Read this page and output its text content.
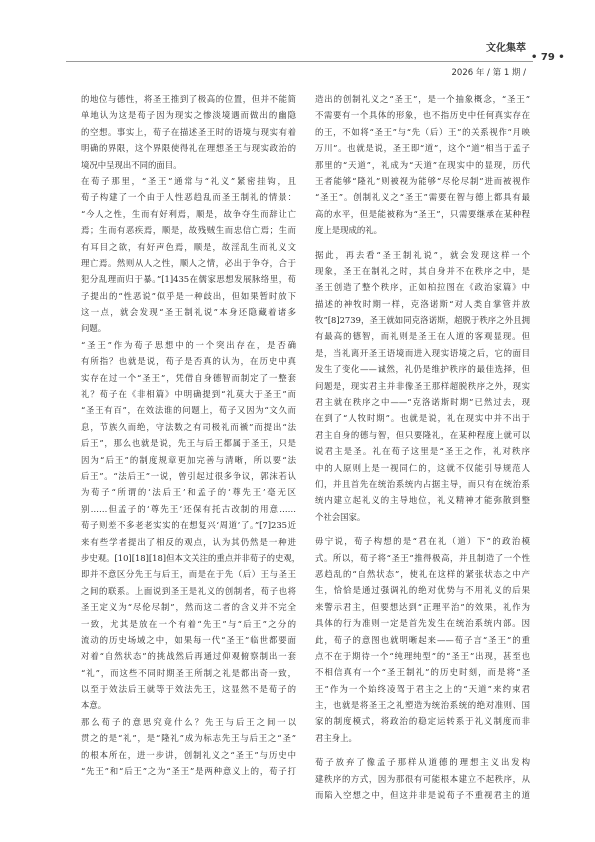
文化集萃
2026 年 / 第 1 期 /
• 79 •
的地位与德性，将圣王推到了极高的位置，但并不能简
单地认为这是荀子因为现实之惨淡境遇而做出的幽隐
的空想。事实上，荀子在描述圣王时的语境与现实有着
明确的界限，这个界限使得礼在理想圣王与现实政治的
境况中呈现出不同的面目。
在荀子那里，“圣王”通常与“礼义”紧密挂钩，且
荀子构建了一个由于人性恶趋乱而圣王制礼的情景：
“今人之性，生而有好利焉，顺是，故争夺生而辞让亡
焉；生而有恶疾焉，顺是，故残贼生而忠信亡焉；生而
有耳目之欲，有好声色焉，顺是，故淫乱生而礼义文
理亡焉。然则从人之性，顺人之情，必出于争夺，合于
犯分乱理而归于暴。”[1]435在儒家思想发展脉络里，荀
子提出的“性恶说”似乎是一种歧出，但如果暂时放下
这一点，就会发现“圣王制礼说”本身还隐藏着诸多
问题。
“圣王”作为荀子思想中的一个突出存在，是否确
有所指？也就是说，荀子是否真的认为，在历史中真
实存在过一个“圣王”，凭借自身德智而制定了一整套
礼？荀子在《非相篇》中明确提到“礼莫大于圣王”而
“圣王有百”，在效法谁的问题上，荀子又因为“文久而
息，节族久而绝，守法数之有司极礼而褫”而提出“法
后王”，那么也就是说，先王与后王都属于圣王，只是
因为“后王”的制度规章更加完善与清晰，所以要“法
后王”。“法后王”一说，曾引起过很多争议，郭沫若认
为荀子“所谓的‘法后王’和孟子的‘尊先王’毫无区
别……但孟子的‘尊先王’还保有托古改制的用意……
荀子则差不多老老实实的在想复兴‘周道’了。”[7]235近
来有些学者提出了相反的观点，认为其仍然是一种进
步史观。[10][18][18]但本文关注的重点并非荀子的史观，
即并不意区分先王与后王，而是在于先（后）王与圣王
之间的联系。上面说到圣王是礼义的创制者，荀子也将
圣王定义为“尽伦尽制”，然而这二者的含义并不完全
一致，尤其是放在一个有着“先王”与“后王”之分的
流动的历史场域之中，如果每一代“圣王”临世都要面
对着“自然状态”的挑战然后再通过仰观俯察制出一套
“礼”，而这些不同时期圣王所制之礼是都出奇一致，
以至于效法后王就等于效法先王，这显然不是荀子的
本意。
那么荀子的意思究竟什么？先王与后王之间一以
贯之的是“礼”，是“隆礼”成为标志先王与后王之“圣”
的根本所在，进一步讲，创制礼义之“圣王”与历史中
“先王”和“后王”之为“圣王”是两种意义上的，荀子打
造出的创制礼义之“圣王”，是一个抽象概念，“圣王”
不需要有一个具体的形象，也不指历史中任何真实存在
的王，不如将“圣王”与“先（后）王”的关系视作“月映
万川”。也就是说，圣王即“道”，这个“道”相当于孟子
那里的“天道”，礼成为“天道”在现实中的显现，历代
王者能够“隆礼”则被视为能够“尽伦尽制”进而被视作
“圣王”。创制礼义之“圣王”需要在智与德上都具有最
高的水平，但是能被称为“圣王”，只需要继承在某种程
度上是现成的礼。
据此，再去看“圣王制礼说”，就会发现这样一个
现象，圣王在制礼之时，其自身并不在秩序之中，是
圣王创造了整个秩序，正如柏拉图在《政治家篇》中
描述的神牧时期一样，克洛诺斯“对人类自掌管并放
牧”[8]2739，圣王就如同克洛诺斯，超脱于秩序之外且拥
有最高的德智，而礼则是圣王在人道的客观显现。但
是，当礼离开圣王语境而进入现实语境之后，它的面目
发生了变化——诚然，礼仍是维护秩序的最佳选择，但
问题是，现实君主并非像圣王那样超脱秩序之外，现实
君主就在秩序之中——“克洛诺斯时期”已然过去，现
在到了“人牧时期”。也就是说，礼在现实中并不出于
君主自身的德与智，但只要隆礼，在某种程度上就可以
说君主是圣。礼在荀子这里是“圣王之作，礼对秩序
中的人原则上是一视同仁的，这就不仅能引导规范人
们，并且首先在统治系统内占据主导，而只有在统治系
统内建立起礼义的主导地位，礼义精神才能弥散到整
个社会国家。
毋宁说，荀子构想的是“君在礼（道）下”的政治模
式。所以，荀子将“圣王”推得极高，并且制造了一个性
恶趋乱的“自然状态”，使礼在这样的紧张状态之中产
生，恰恰是通过强调礼的绝对优势与不用礼义的后果
来警示君主，但要想达到“正理平治”的效果，礼作为
具体的行为准则一定是首先发生在统治系统内部。因
此，荀子的意图也就明晰起来——荀子言“圣王”的重
点不在于期待一个“纯理纯型”的“圣王”出现，甚至也
不相信真有一个“圣王制礼”的历史时刻，而是将“圣
王”作为一个始终凌驾于君主之上的“天道”来约束君
主，也就是将圣王之礼塑造为统治系统的绝对准则、国
家的制度模式，将政治的稳定运转系于礼义制度而非
君主身上。
荀子放弃了像孟子那样从道德的理想主义出发构
建秩序的方式，因为那很有可能根本建立不起秩序，从
而陷入空想之中，但这并非是说荀子不重视君主的道
